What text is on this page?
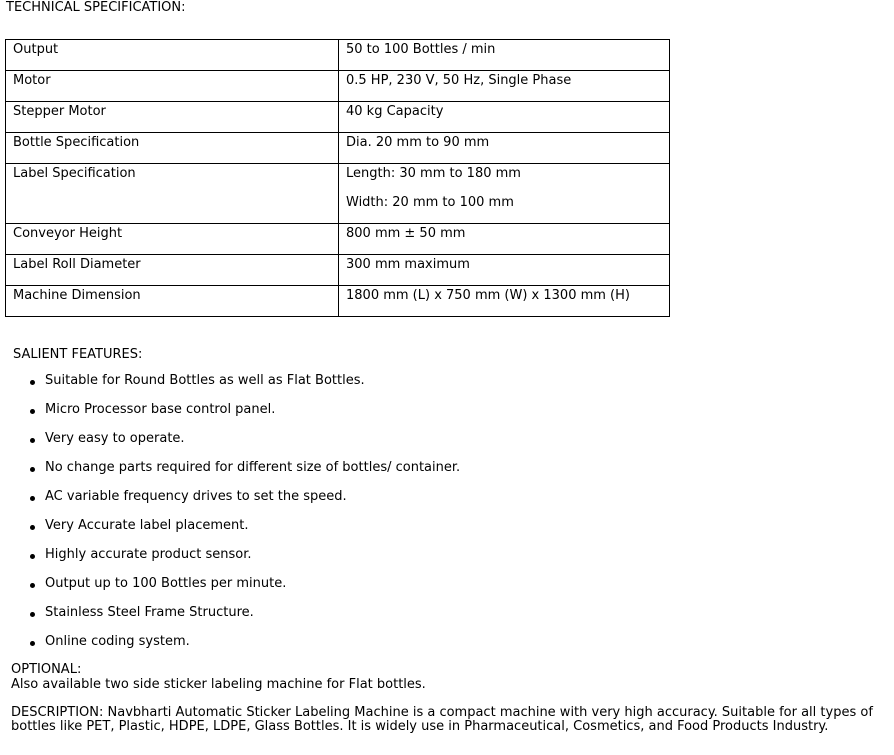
TECHNICAL SPECIFICATION:
Output	50 to 100 Bottles / min
Motor	0.5 HP, 230 V, 50 Hz, Single Phase
Stepper Motor	40 kg Capacity
Bottle Specification	Dia. 20 mm to 90 mm
Label Specification	Length: 30 mm to 180 mm
Width: 20 mm to 100 mm

Conveyor Height	800 mm ± 50 mm
Label Roll Diameter	300 mm maximum
Machine Dimension	1800 mm (L) x 750 mm (W) x 1300 mm (H)
SALIENT FEATURES:
Suitable for Round Bottles as well as Flat Bottles.
Micro Processor base control panel.
Very easy to operate.
No change parts required for different size of bottles/ container.
AC variable frequency drives to set the speed.
Very Accurate label placement.
Highly accurate product sensor.
Output up to 100 Bottles per minute.
Stainless Steel Frame Structure.
Online coding system.
OPTIONAL:
Also available two side sticker labeling machine for Flat bottles.
DESCRIPTION: Navbharti Automatic Sticker Labeling Machine is a compact machine with very high accuracy. Suitable for all types of bottles like PET, Plastic, HDPE, LDPE, Glass Bottles. It is widely use in Pharmaceutical, Cosmetics, and Food Products Industry.
